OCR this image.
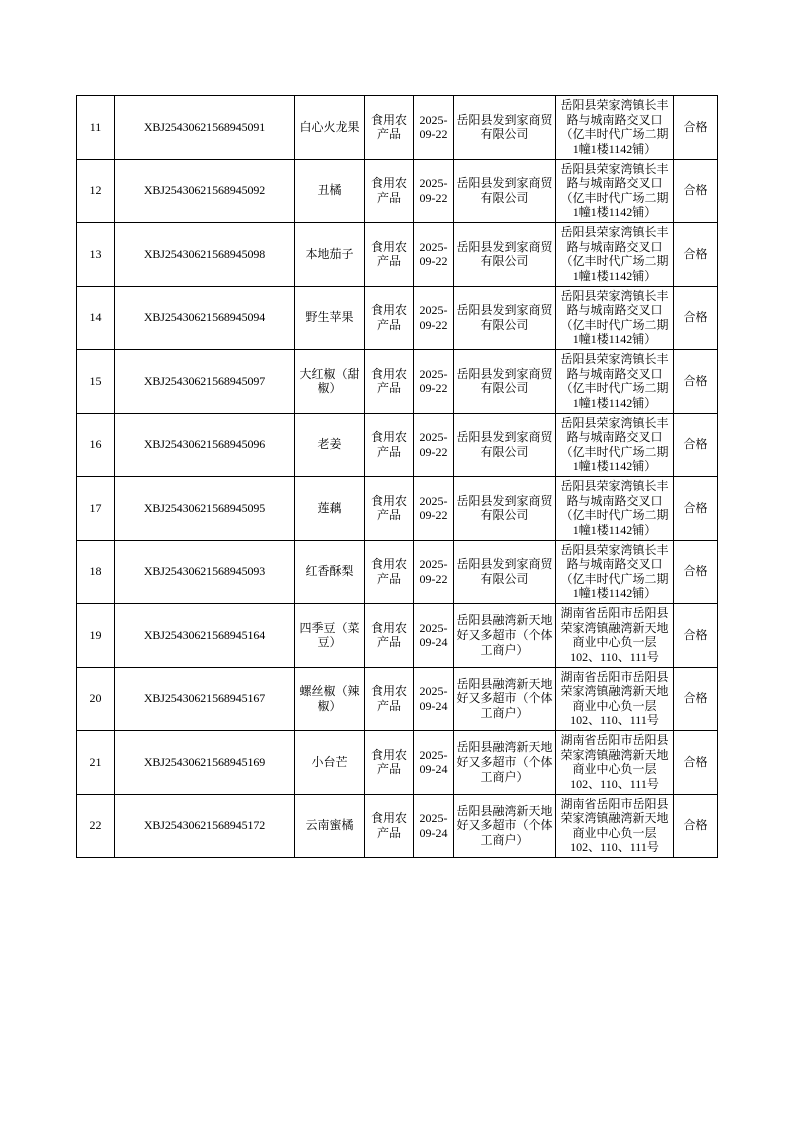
11	XBJ25430621568945091	白心火龙果	食用农产品	2025-09-22	岳阳县发到家商贸有限公司	岳阳县荣家湾镇长丰路与城南路交叉口（亿丰时代广场二期1幢1楼1142铺）	合格
12	XBJ25430621568945092	丑橘	食用农产品	2025-09-22	岳阳县发到家商贸有限公司	岳阳县荣家湾镇长丰路与城南路交叉口（亿丰时代广场二期1幢1楼1142铺）	合格
13	XBJ25430621568945098	本地茄子	食用农产品	2025-09-22	岳阳县发到家商贸有限公司	岳阳县荣家湾镇长丰路与城南路交叉口（亿丰时代广场二期1幢1楼1142铺）	合格
14	XBJ25430621568945094	野生苹果	食用农产品	2025-09-22	岳阳县发到家商贸有限公司	岳阳县荣家湾镇长丰路与城南路交叉口（亿丰时代广场二期1幢1楼1142铺）	合格
15	XBJ25430621568945097	大红椒（甜椒）	食用农产品	2025-09-22	岳阳县发到家商贸有限公司	岳阳县荣家湾镇长丰路与城南路交叉口（亿丰时代广场二期1幢1楼1142铺）	合格
16	XBJ25430621568945096	老姜	食用农产品	2025-09-22	岳阳县发到家商贸有限公司	岳阳县荣家湾镇长丰路与城南路交叉口（亿丰时代广场二期1幢1楼1142铺）	合格
17	XBJ25430621568945095	莲藕	食用农产品	2025-09-22	岳阳县发到家商贸有限公司	岳阳县荣家湾镇长丰路与城南路交叉口（亿丰时代广场二期1幢1楼1142铺）	合格
18	XBJ25430621568945093	红香酥梨	食用农产品	2025-09-22	岳阳县发到家商贸有限公司	岳阳县荣家湾镇长丰路与城南路交叉口（亿丰时代广场二期1幢1楼1142铺）	合格
19	XBJ25430621568945164	四季豆（菜豆）	食用农产品	2025-09-24	岳阳县融湾新天地好又多超市（个体工商户）	湖南省岳阳市岳阳县荣家湾镇融湾新天地商业中心负一层102、110、111号	合格
20	XBJ25430621568945167	螺丝椒（辣椒）	食用农产品	2025-09-24	岳阳县融湾新天地好又多超市（个体工商户）	湖南省岳阳市岳阳县荣家湾镇融湾新天地商业中心负一层102、110、111号	合格
21	XBJ25430621568945169	小台芒	食用农产品	2025-09-24	岳阳县融湾新天地好又多超市（个体工商户）	湖南省岳阳市岳阳县荣家湾镇融湾新天地商业中心负一层102、110、111号	合格
22	XBJ25430621568945172	云南蜜橘	食用农产品	2025-09-24	岳阳县融湾新天地好又多超市（个体工商户）	湖南省岳阳市岳阳县荣家湾镇融湾新天地商业中心负一层102、110、111号	合格
